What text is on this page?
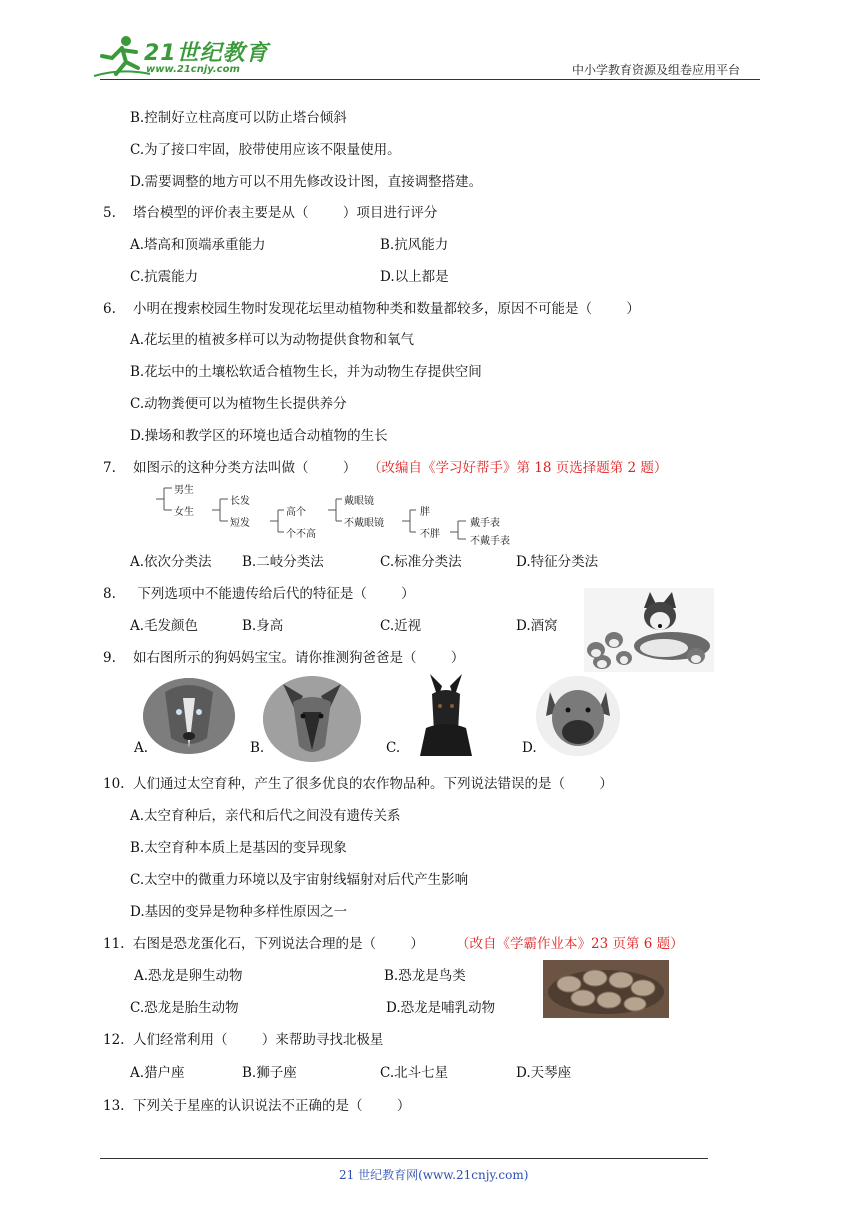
21世纪教育
www.21cnjy.com	中小学教育资源及组卷应用平台
B.控制好立柱高度可以防止塔台倾斜
C.为了接口牢固，胶带使用应该不限量使用。
D.需要调整的地方可以不用先修改设计图，直接调整搭建。
5.    塔台模型的评价表主要是从（        ）项目进行评分
A.塔高和顶端承重能力	B.抗风能力
C.抗震能力	D.以上都是
6.    小明在搜索校园生物时发现花坛里动植物种类和数量都较多，原因不可能是（        ）
A.花坛里的植被多样可以为动物提供食物和氧气
B.花坛中的土壤松软适合植物生长，并为动物生存提供空间
C.动物粪便可以为植物生长提供养分
D.操场和教学区的环境也适合动植物的生长
7.    如图示的这种分类方法叫做（        ） （改编自《学习好帮手》第 18 页选择题第 2 题）
男生
女生
长发
短发
高个
个不高
戴眼镜
不戴眼镜
胖
不胖
戴手表
不戴手表
A.依次分类法 B.二岐分类法	C.标准分类法	D.特征分类法
8.     下列选项中不能遗传给后代的特征是（        ）
A.毛发颜色	B.身高	C.近视	D.酒窝
9.    如右图所示的狗妈妈宝宝。请你推测狗爸爸是（        ）
A.	B.	C.	D.
10.  人们通过太空育种，产生了很多优良的农作物品种。下列说法错误的是（        ）
A.太空育种后，亲代和后代之间没有遗传关系
B.太空育种本质上是基因的变异现象
C.太空中的微重力环境以及宇宙射线辐射对后代产生影响
D.基因的变异是物种多样性原因之一
11.  右图是恐龙蛋化石，下列说法合理的是（        ） （改自《学霸作业本》23 页第 6 题）
A.恐龙是卵生动物	B.恐龙是鸟类
C.恐龙是胎生动物	D.恐龙是哺乳动物
12.  人们经常利用（        ）来帮助寻找北极星
A.猎户座	B.狮子座	C.北斗七星	D.天琴座
13.  下列关于星座的认识说法不正确的是（        ）
21 世纪教育网(www.21cnjy.com)
